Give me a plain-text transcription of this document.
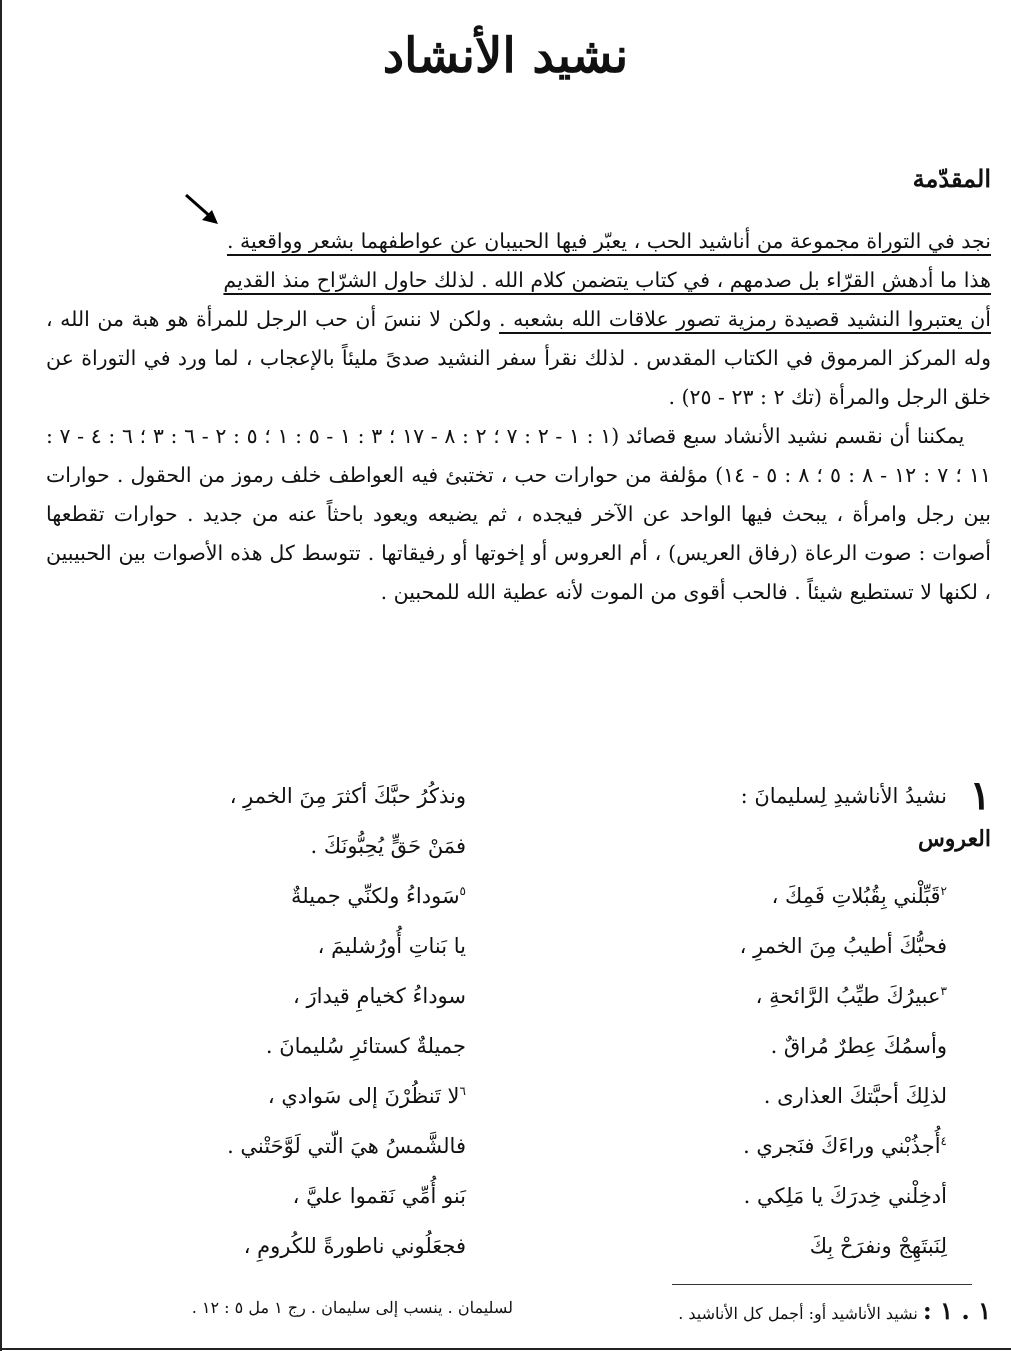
نشيد الأنشاد
المقدّمة

نجد في التوراة مجموعة من أناشيد الحب ، يعبّر فيها الحبيبان عن عواطفهما بشعر وواقعية .
هذا ما أدهش القرّاء بل صدمهم ، في كتاب يتضمن كلام الله . لذلك حاول الشرّاح منذ القديم
أن يعتبروا النشيد قصيدة رمزية تصور علاقات الله بشعبه . ولكن لا ننسَ أن حب الرجل للمرأة هو هبة من الله ، وله المركز المرموق في الكتاب المقدس . لذلك نقرأ سفر النشيد صدىً مليئاً بالإعجاب ، لما ورد في التوراة عن خلق الرجل والمرأة (تك ٢ : ٢٣ - ٢٥) .

يمكننا أن نقسم نشيد الأنشاد سبع قصائد (١ : ١ - ٢ : ٧ ؛ ٢ : ٨ - ١٧ ؛ ٣ : ١ - ٥ : ١ ؛ ٥ : ٢ - ٦ : ٣ ؛ ٦ : ٤ - ٧ : ١١ ؛ ٧ : ١٢ - ٨ : ٥ ؛ ٨ : ٥ - ١٤) مؤلفة من حوارات حب ، تختبئ فيه العواطف خلف رموز من الحقول . حوارات بين رجل وامرأة ، يبحث فيها الواحد عن الآخر فيجده ، ثم يضيعه ويعود باحثاً عنه من جديد . حوارات تقطعها أصوات : صوت الرعاة (رفاق العريس) ، أم العروس أو إخوتها أو رفيقاتها . تتوسط كل هذه الأصوات بين الحبيبين ، لكنها لا تستطيع شيئاً . فالحب أقوى من الموت لأنه عطية الله للمحبين .

١
نشيدُ الأناشيدِ لِسليمانَ :
$^٢$قَبِّلْني بِقُبُلاتِ فَمِكَ ،
فحبُّكَ أطيبُ مِنَ الخمرِ ،
$^٣$عبيرُكَ طيِّبُ الرَّائحةِ ،
وأسمُكَ عِطرٌ مُراقٌ .
لذلِكَ أحبَّتكَ العذارى .
$^٤$أُجذُبْني وراءَكَ فنَجري .
أدخِلْني خِدرَكَ يا مَلِكي .
لِنَبتَهِجْ ونفرَحْ بِكَ
العروس
ونذكُرُ حبَّكَ أكثرَ مِنَ الخمرِ ،
فمَنْ حَقٍّ يُحِبُّونَكَ .
$^٥$سَوداءُ ولكنِّي جميلةٌ
يا بَناتِ أُورُشليمَ ،
سوداءُ كخيامِ قيدارَ ،
جميلةٌ كستائرِ سُليمانَ .
$^٦$لا تَنظُرْنَ إلى سَوادي ،
فالشَّمسُ هيَ الّتي لَوَّحَتْني .
بَنو أُمِّي نَقموا عليَّ ،
فجعَلُوني ناطورةً للكُرومِ ،
١ . ١ : نشيد الأناشيد أو: أجمل كل الأناشيد .
لسليمان . ينسب إلى سليمان . رج ١ مل ٥ : ١٢ .
